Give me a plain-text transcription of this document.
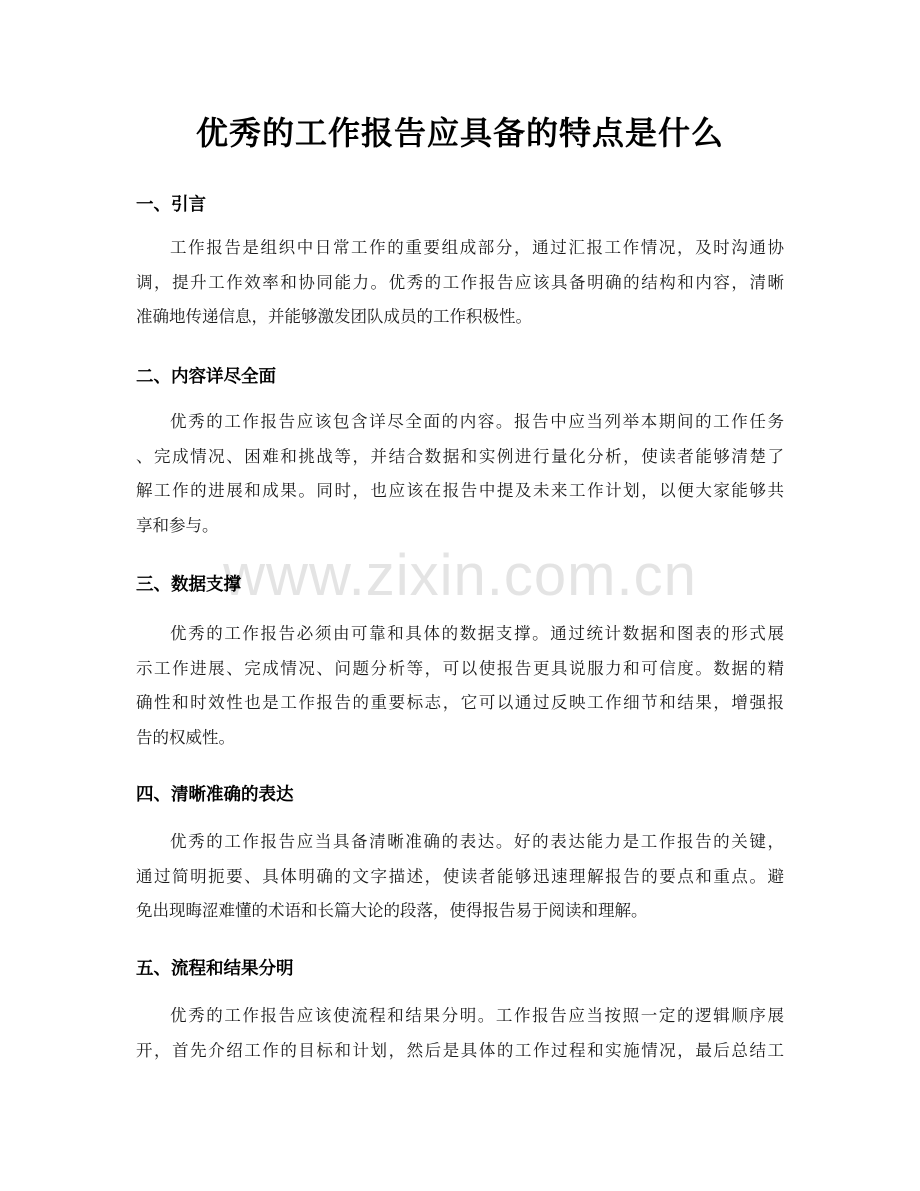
www.zixin.com.cn
优秀的工作报告应具备的特点是什么
一、引言
工作报告是组织中日常工作的重要组成部分，通过汇报工作情况，及时沟通协
调，提升工作效率和协同能力。优秀的工作报告应该具备明确的结构和内容，清晰
准确地传递信息，并能够激发团队成员的工作积极性。
二、内容详尽全面
优秀的工作报告应该包含详尽全面的内容。报告中应当列举本期间的工作任务
、完成情况、困难和挑战等，并结合数据和实例进行量化分析，使读者能够清楚了
解工作的进展和成果。同时，也应该在报告中提及未来工作计划，以便大家能够共
享和参与。
三、数据支撑
优秀的工作报告必须由可靠和具体的数据支撑。通过统计数据和图表的形式展
示工作进展、完成情况、问题分析等，可以使报告更具说服力和可信度。数据的精
确性和时效性也是工作报告的重要标志，它可以通过反映工作细节和结果，增强报
告的权威性。
四、清晰准确的表达
优秀的工作报告应当具备清晰准确的表达。好的表达能力是工作报告的关键，
通过简明扼要、具体明确的文字描述，使读者能够迅速理解报告的要点和重点。避
免出现晦涩难懂的术语和长篇大论的段落，使得报告易于阅读和理解。
五、流程和结果分明
优秀的工作报告应该使流程和结果分明。工作报告应当按照一定的逻辑顺序展
开，首先介绍工作的目标和计划，然后是具体的工作过程和实施情况，最后总结工
